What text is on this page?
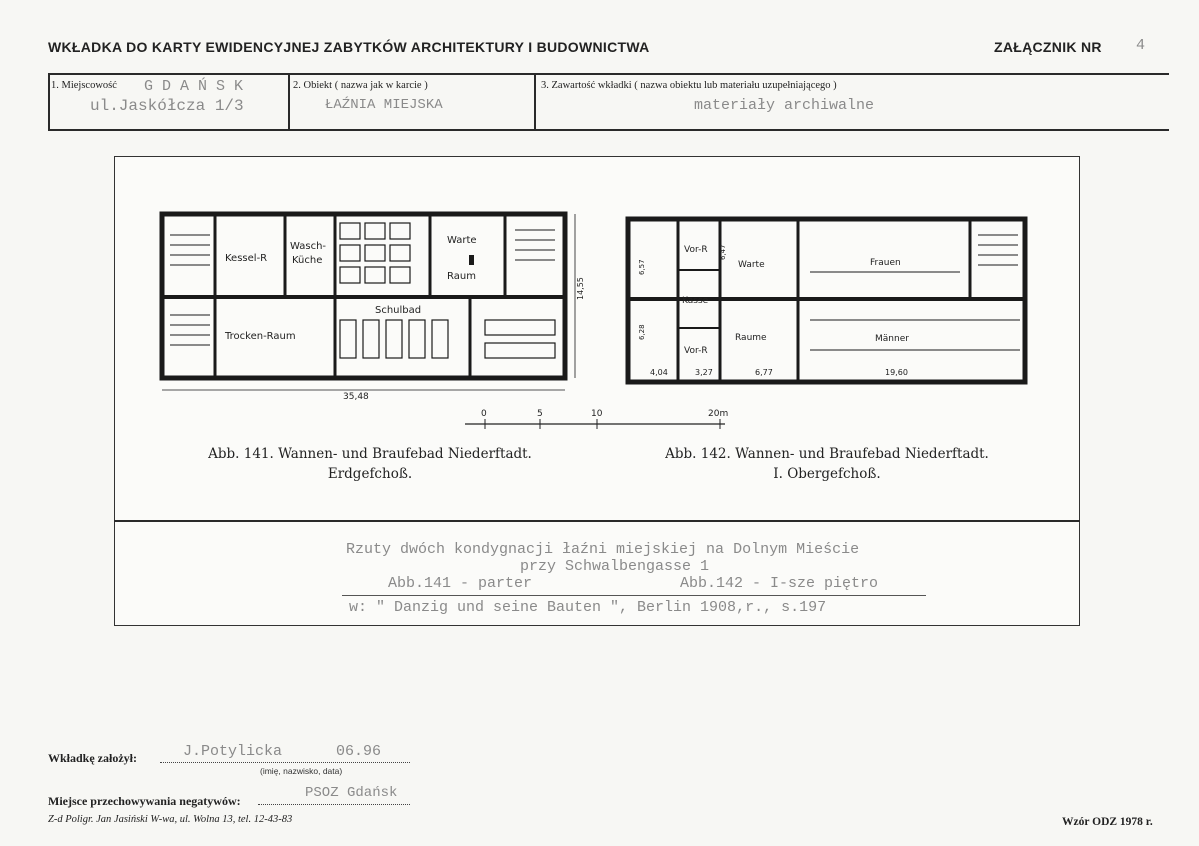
WKŁADKA DO KARTY EWIDENCYJNEJ ZABYTKÓW ARCHITEKTURY I BUDOWNICTWA	ZAŁĄCZNIK NR 4
1. Miejscowość G D A Ń S K
ul.Jaskółcza 1/3
2. Obiekt ( nazwa jak w karcie )
ŁAŹNIA MIEJSKA
3. Zawartość wkładki ( nazwa obiektu lub materiału uzupełniającego )
materiały archiwalne
Kessel-R
Wasch-
Küche
Warte
Raum
Schulbad
Trocken-Raum
35,48
14,55
Vor-R
Warte	Frauen
Kasse
Vor-R
Raume	Männer
4,04	3,27	6,77	19,60
6,57
6,47
6,28
0	5	10	20m
Abb. 141. Wannen- und Braufebad Niederftadt.
Erdgefchoß.
Abb. 142. Wannen- und Braufebad Niederftadt.
I. Obergefchoß.
Rzuty dwóch kondygnacji łaźni miejskiej na Dolnym Mieście
przy Schwalbengasse 1
Abb.141 - parter	Abb.142 - I-sze piętro
w: " Danzig und seine Bauten ", Berlin 1908,r., s.197
Wkładkę założył:	J.Potylicka      06.96
(imię, nazwisko, data)
Miejsce przechowywania negatywów:	PSOZ Gdańsk
Z-d Poligr. Jan Jasiński W-wa, ul. Wolna 13, tel. 12-43-83	Wzór ODZ 1978 r.
